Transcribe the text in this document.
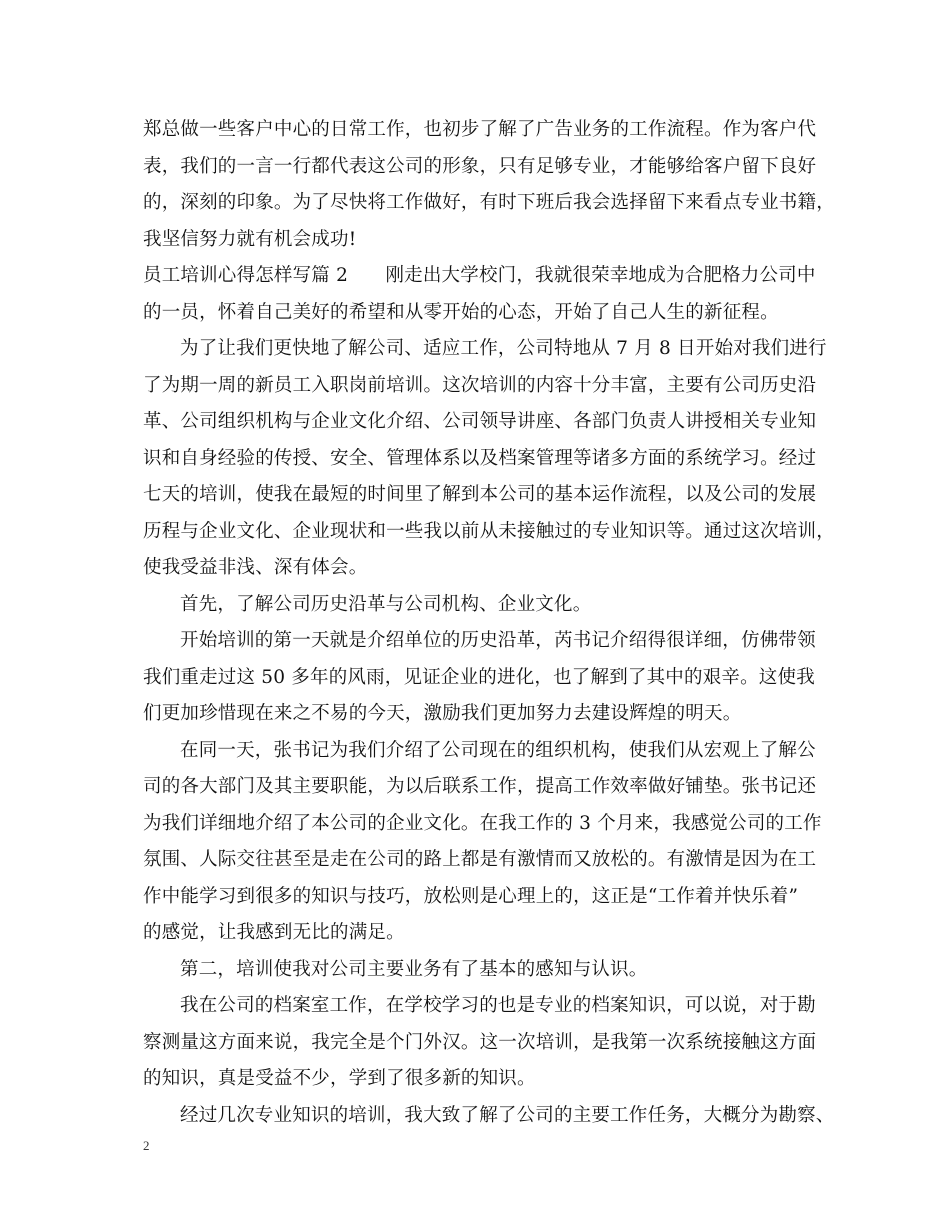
郑总做一些客户中心的日常工作，也初步了解了广告业务的工作流程。作为客户代
表，我们的一言一行都代表这公司的形象，只有足够专业，才能够给客户留下良好
的，深刻的印象。为了尽快将工作做好，有时下班后我会选择留下来看点专业书籍，
我坚信努力就有机会成功!
员工培训心得怎样写篇 2　　刚走出大学校门，我就很荣幸地成为合肥格力公司中
的一员，怀着自己美好的希望和从零开始的心态，开始了自己人生的新征程。
为了让我们更快地了解公司、适应工作，公司特地从 7 月 8 日开始对我们进行
了为期一周的新员工入职岗前培训。这次培训的内容十分丰富，主要有公司历史沿
革、公司组织机构与企业文化介绍、公司领导讲座、各部门负责人讲授相关专业知
识和自身经验的传授、安全、管理体系以及档案管理等诸多方面的系统学习。经过
七天的培训，使我在最短的时间里了解到本公司的基本运作流程，以及公司的发展
历程与企业文化、企业现状和一些我以前从未接触过的专业知识等。通过这次培训，
使我受益非浅、深有体会。
首先，了解公司历史沿革与公司机构、企业文化。
开始培训的第一天就是介绍单位的历史沿革，芮书记介绍得很详细，仿佛带领
我们重走过这 50 多年的风雨，见证企业的进化，也了解到了其中的艰辛。这使我
们更加珍惜现在来之不易的今天，激励我们更加努力去建设辉煌的明天。
在同一天，张书记为我们介绍了公司现在的组织机构，使我们从宏观上了解公
司的各大部门及其主要职能，为以后联系工作，提高工作效率做好铺垫。张书记还
为我们详细地介绍了本公司的企业文化。在我工作的 3 个月来，我感觉公司的工作
氛围、人际交往甚至是走在公司的路上都是有激情而又放松的。有激情是因为在工
作中能学习到很多的知识与技巧，放松则是心理上的，这正是“工作着并快乐着”
的感觉，让我感到无比的满足。
第二，培训使我对公司主要业务有了基本的感知与认识。
我在公司的档案室工作，在学校学习的也是专业的档案知识，可以说，对于勘
察测量这方面来说，我完全是个门外汉。这一次培训，是我第一次系统接触这方面
的知识，真是受益不少，学到了很多新的知识。
经过几次专业知识的培训，我大致了解了公司的主要工作任务，大概分为勘察、
2
